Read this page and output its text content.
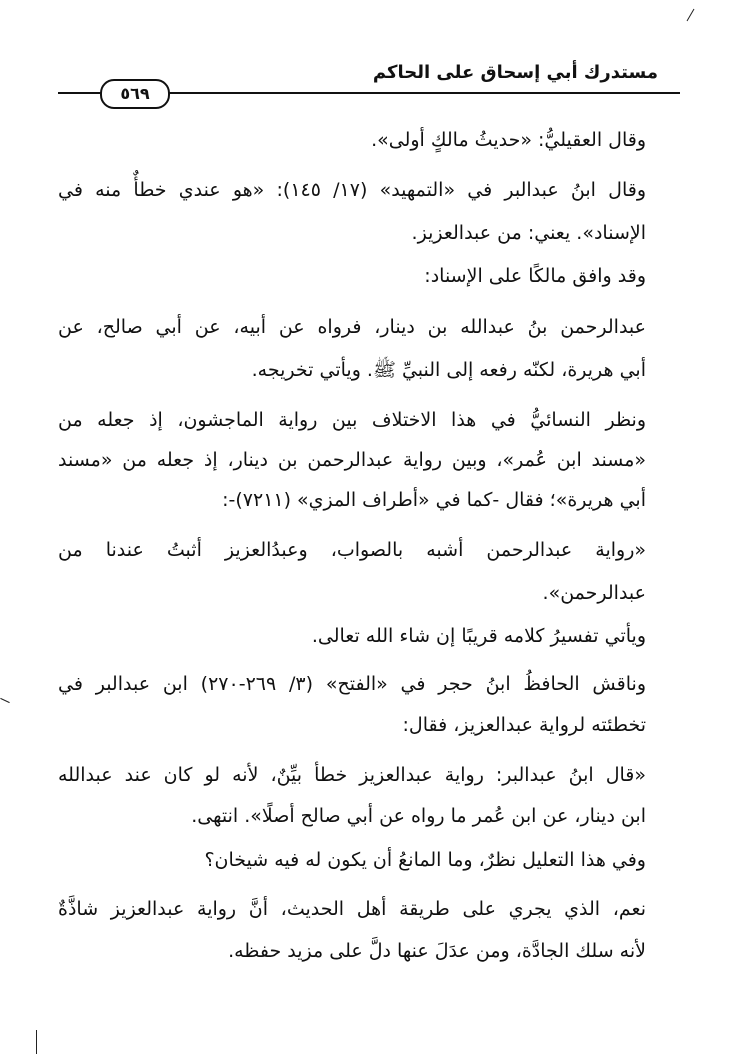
مستدرك أبي إسحاق على الحاكم
٥٦٩
وقال العقيليُّ: «حديثُ مالكٍ أولى».
وقال ابنُ عبدالبر في «التمهيد» (١٧/ ١٤٥): «هو عندي خطأٌ منه في
الإسناد». يعني: من عبدالعزيز.
وقد وافق مالكًا على الإسناد:
عبدالرحمن بنُ عبدالله بن دينار، فرواه عن أبيه، عن أبي صالح، عن
أبي هريرة، لكنّه رفعه إلى النبيِّ ﷺ. ويأتي تخريجه.
ونظر النسائيُّ في هذا الاختلاف بين رواية الماجشون، إذ جعله من
«مسند ابن عُمر»، وبين رواية عبدالرحمن بن دينار، إذ جعله من «مسند
أبي هريرة»؛ فقال -كما في «أطراف المزي» (٧٢١١)-:
«رواية عبدالرحمن أشبه بالصواب، وعبدُالعزيز أثبتُ عندنا من
عبدالرحمن».
ويأتي تفسيرُ كلامه قريبًا إن شاء الله تعالى.
وناقش الحافظُ ابنُ حجر في «الفتح» (٣/ ٢٦٩-٢٧٠) ابن عبدالبر في
تخطئته لرواية عبدالعزيز، فقال:
«قال ابنُ عبدالبر: رواية عبدالعزيز خطأ بيِّنٌ، لأنه لو كان عند عبدالله
ابن دينار، عن ابن عُمر ما رواه عن أبي صالح أصلًا». انتهى.
وفي هذا التعليل نظرٌ، وما المانعُ أن يكون له فيه شيخان؟
نعم، الذي يجري على طريقة أهل الحديث، أنَّ رواية عبدالعزيز شاذَّةٌ
لأنه سلك الجادَّة، ومن عدَلَ عنها دلَّ على مزيد حفظه.
